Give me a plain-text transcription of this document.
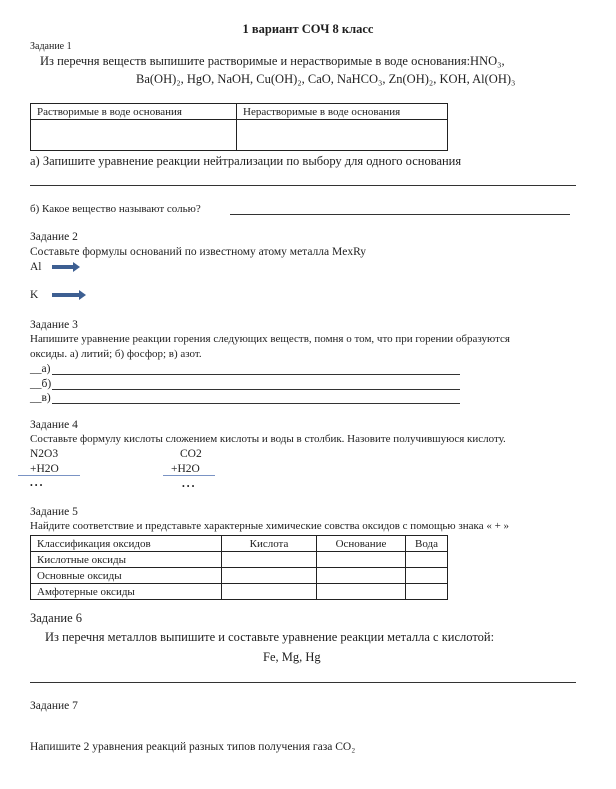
1 вариант СОЧ 8 класс
Задание 1
Из перечня веществ выпишите растворимые и нерастворимые в воде основания:HNO₃,
Ba(OH)₂, HgO, NaOH, Cu(OH)₂, CaO, NaHCO₃, Zn(OH)₂, KOH, Al(OH)₃
Растворимые в воде основания	Нерастворимые в воде основания

а) Запишите уравнение реакции нейтрализации по выбору для одного основания
б) Какое вещество называют солью?
Задание 2
Составьте формулы оснований по известному атому металла MexRy
Al
K
Задание 3
Напишите уравнение реакции горения следующих веществ, помня о том, что при горении образуются
оксиды. а) литий; б) фосфор; в) азот.
__а)
__б)
__в)
Задание 4
Составьте формулу кислоты сложением кислоты и воды в столбик. Назовите получившуюся кислоту.
N2O3
+H2O
• • •
CO2
+H2O
• • •
Задание 5
Найдите соответствие и представьте характерные химические совства оксидов с помощью знака « + »
Классификация оксидов	Кислота	Основание	Вода
Кислотные оксиды			
Основные оксиды			
Амфотерные оксиды			
Задание 6
Из перечня металлов выпишите и составьте уравнение реакции металла с кислотой:
Fe, Mg, Hg
Задание 7
Напишите 2 уравнения реакций разных типов получения газа CO₂
